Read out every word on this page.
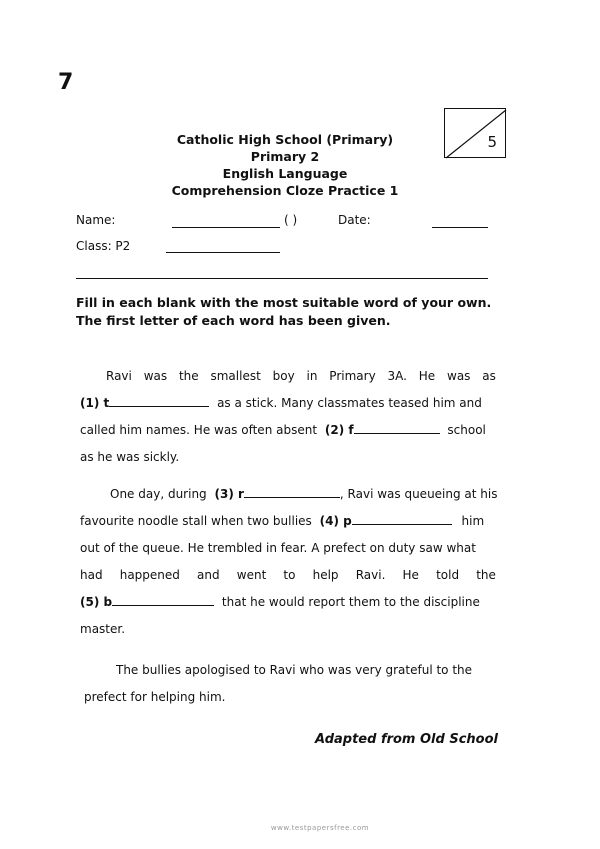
7
5
Catholic High School (Primary)
Primary 2
English Language
Comprehension Cloze Practice 1
Name:	( )	Date:
Class: P2
Fill in each blank with the most suitable word of your own. The first letter of each word has been given.
Ravi was the smallest boy in Primary 3A. He was as
(1) t	as a stick. Many classmates teased him and
called him names. He was often absent (2) f	school
as he was sickly.
One day, during (3) r	, Ravi was queueing at his
favourite noodle stall when two bullies (4) p	him
out of the queue. He trembled in fear. A prefect on duty saw what
had happened and went to help Ravi. He told the
(5) b	that he would report them to the discipline
master.
The bullies apologised to Ravi who was very grateful to the
prefect for helping him.
Adapted from Old School
www.testpapersfree.com
